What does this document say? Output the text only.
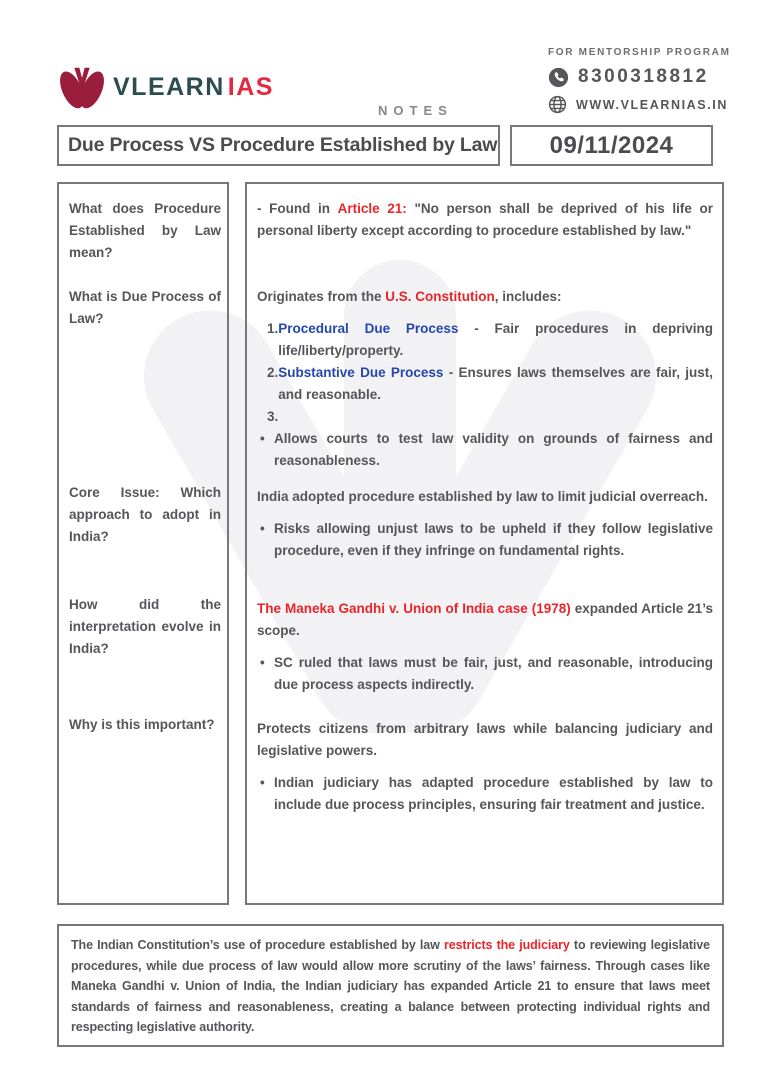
VLEARN IAS
NOTES
FOR MENTORSHIP PROGRAM
8300318812
WWW.VLEARNIAS.IN
Due Process VS Procedure Established by Law 09/11/2024
What does Procedure Established by Law mean?
What is Due Process of Law?
Core Issue: Which approach to adopt in India?
How did the interpretation evolve in India?
Why is this important?
- Found in Article 21: "No person shall be deprived of his life or personal liberty except according to procedure established by law."
Originates from the U.S. Constitution, includes:
1. Procedural Due Process - Fair procedures in depriving life/liberty/property.
2. Substantive Due Process - Ensures laws themselves are fair, just, and reasonable.
3.
• Allows courts to test law validity on grounds of fairness and reasonableness.
India adopted procedure established by law to limit judicial overreach.
• Risks allowing unjust laws to be upheld if they follow legislative procedure, even if they infringe on fundamental rights.
The Maneka Gandhi v. Union of India case (1978) expanded Article 21’s scope.
• SC ruled that laws must be fair, just, and reasonable, introducing due process aspects indirectly.
Protects citizens from arbitrary laws while balancing judiciary and legislative powers.
• Indian judiciary has adapted procedure established by law to include due process principles, ensuring fair treatment and justice.

The Indian Constitution’s use of procedure established by law restricts the judiciary to reviewing legislative procedures, while due process of law would allow more scrutiny of the laws’ fairness. Through cases like Maneka Gandhi v. Union of India, the Indian judiciary has expanded Article 21 to ensure that laws meet standards of fairness and reasonableness, creating a balance between protecting individual rights and respecting legislative authority.
